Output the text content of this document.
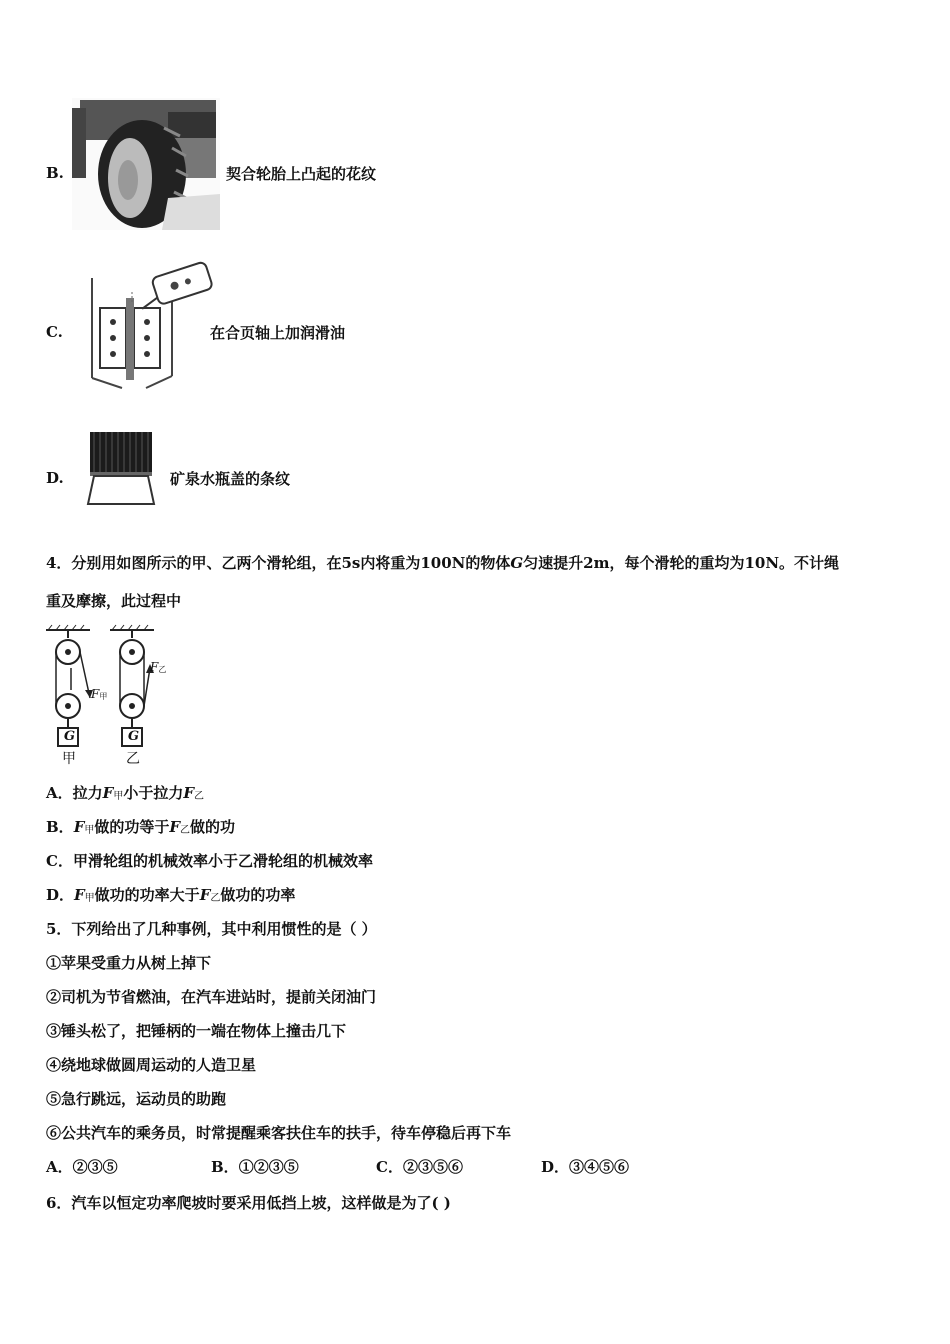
B.	契合轮胎上凸起的花纹
C.	在合页轴上加润滑油
D.	矿泉水瓶盖的条纹
4．分别用如图所示的甲、乙两个滑轮组，在5s内将重为100N的物体G匀速提升2m，每个滑轮的重均为10N。不计绳
重及摩擦，此过程中
G	G
甲	乙
F甲
F乙
A．拉力F甲小于拉力F乙
B．F甲做的功等于F乙做的功
C．甲滑轮组的机械效率小于乙滑轮组的机械效率
D．F甲做功的功率大于F乙做功的功率
5．下列给出了几种事例，其中利用惯性的是（ ）
①苹果受重力从树上掉下
②司机为节省燃油，在汽车进站时，提前关闭油门
③锤头松了，把锤柄的一端在物体上撞击几下
④绕地球做圆周运动的人造卫星
⑤急行跳远，运动员的助跑
⑥公共汽车的乘务员，时常提醒乘客扶住车的扶手，待车停稳后再下车
A．②③⑤	B．①②③⑤	C．②③⑤⑥	D．③④⑤⑥
6．汽车以恒定功率爬坡时要采用低挡上坡，这样做是为了( )
